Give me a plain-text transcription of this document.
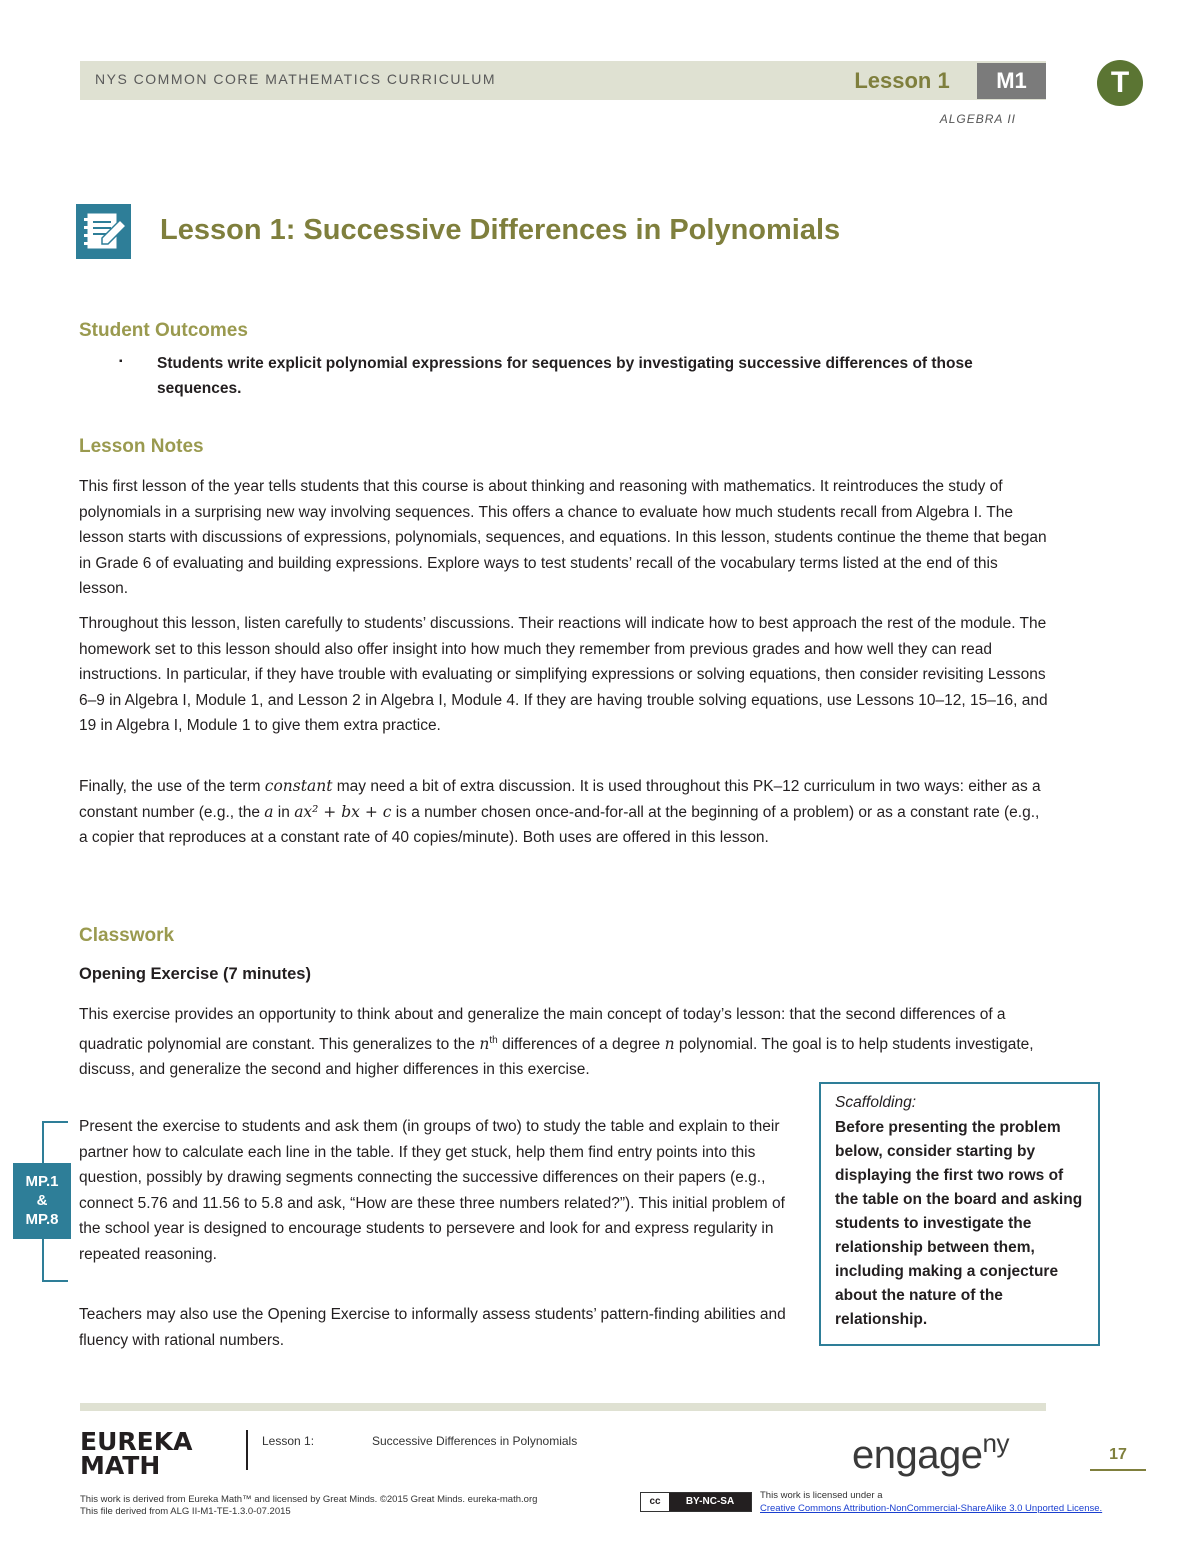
NYS COMMON CORE MATHEMATICS CURRICULUM	Lesson 1	M1	T
ALGEBRA II
Lesson 1: Successive Differences in Polynomials
Student Outcomes
▪ Students write explicit polynomial expressions for sequences by investigating successive differences of those sequences.
Lesson Notes
This first lesson of the year tells students that this course is about thinking and reasoning with mathematics. It reintroduces the study of polynomials in a surprising new way involving sequences. This offers a chance to evaluate how much students recall from Algebra I. The lesson starts with discussions of expressions, polynomials, sequences, and equations. In this lesson, students continue the theme that began in Grade 6 of evaluating and building expressions. Explore ways to test students’ recall of the vocabulary terms listed at the end of this lesson.
Throughout this lesson, listen carefully to students’ discussions. Their reactions will indicate how to best approach the rest of the module. The homework set to this lesson should also offer insight into how much they remember from previous grades and how well they can read instructions. In particular, if they have trouble with evaluating or simplifying expressions or solving equations, then consider revisiting Lessons 6–9 in Algebra I, Module 1, and Lesson 2 in Algebra I, Module 4. If they are having trouble solving equations, use Lessons 10–12, 15–16, and 19 in Algebra I, Module 1 to give them extra practice.
Finally, the use of the term constant may need a bit of extra discussion. It is used throughout this PK–12 curriculum in two ways: either as a constant number (e.g., the a in ax² + bx + c is a number chosen once-and-for-all at the beginning of a problem) or as a constant rate (e.g., a copier that reproduces at a constant rate of 40 copies/minute). Both uses are offered in this lesson.
Classwork
Opening Exercise (7 minutes)
This exercise provides an opportunity to think about and generalize the main concept of today’s lesson: that the second differences of a quadratic polynomial are constant. This generalizes to the $n^{th}$ differences of a degree n polynomial. The goal is to help students investigate, discuss, and generalize the second and higher differences in this exercise.
Present the exercise to students and ask them (in groups of two) to study the table and explain to their partner how to calculate each line in the table. If they get stuck, help them find entry points into this question, possibly by drawing segments connecting the successive differences on their papers (e.g., connect 5.76 and 11.56 to 5.8 and ask, “How are these three numbers related?”). This initial problem of the school year is designed to encourage students to persevere and look for and express regularity in repeated reasoning.
Teachers may also use the Opening Exercise to informally assess students’ pattern-finding abilities and fluency with rational numbers.
MP.1
&
MP.8
Scaffolding:
Before presenting the problem below, consider starting by displaying the first two rows of the table on the board and asking students to investigate the relationship between them, including making a conjecture about the nature of the relationship.
EUREKA
MATH
Lesson 1:	Successive Differences in Polynomials	engage$^{ny}$	17
This work is derived from Eureka Math™ and licensed by Great Minds. ©2015 Great Minds. eureka-math.org
This file derived from ALG II-M1-TE-1.3.0-07.2015
cc	BY-NC-SA
This work is licensed under a
Creative Commons Attribution-NonCommercial-ShareAlike 3.0 Unported License.
